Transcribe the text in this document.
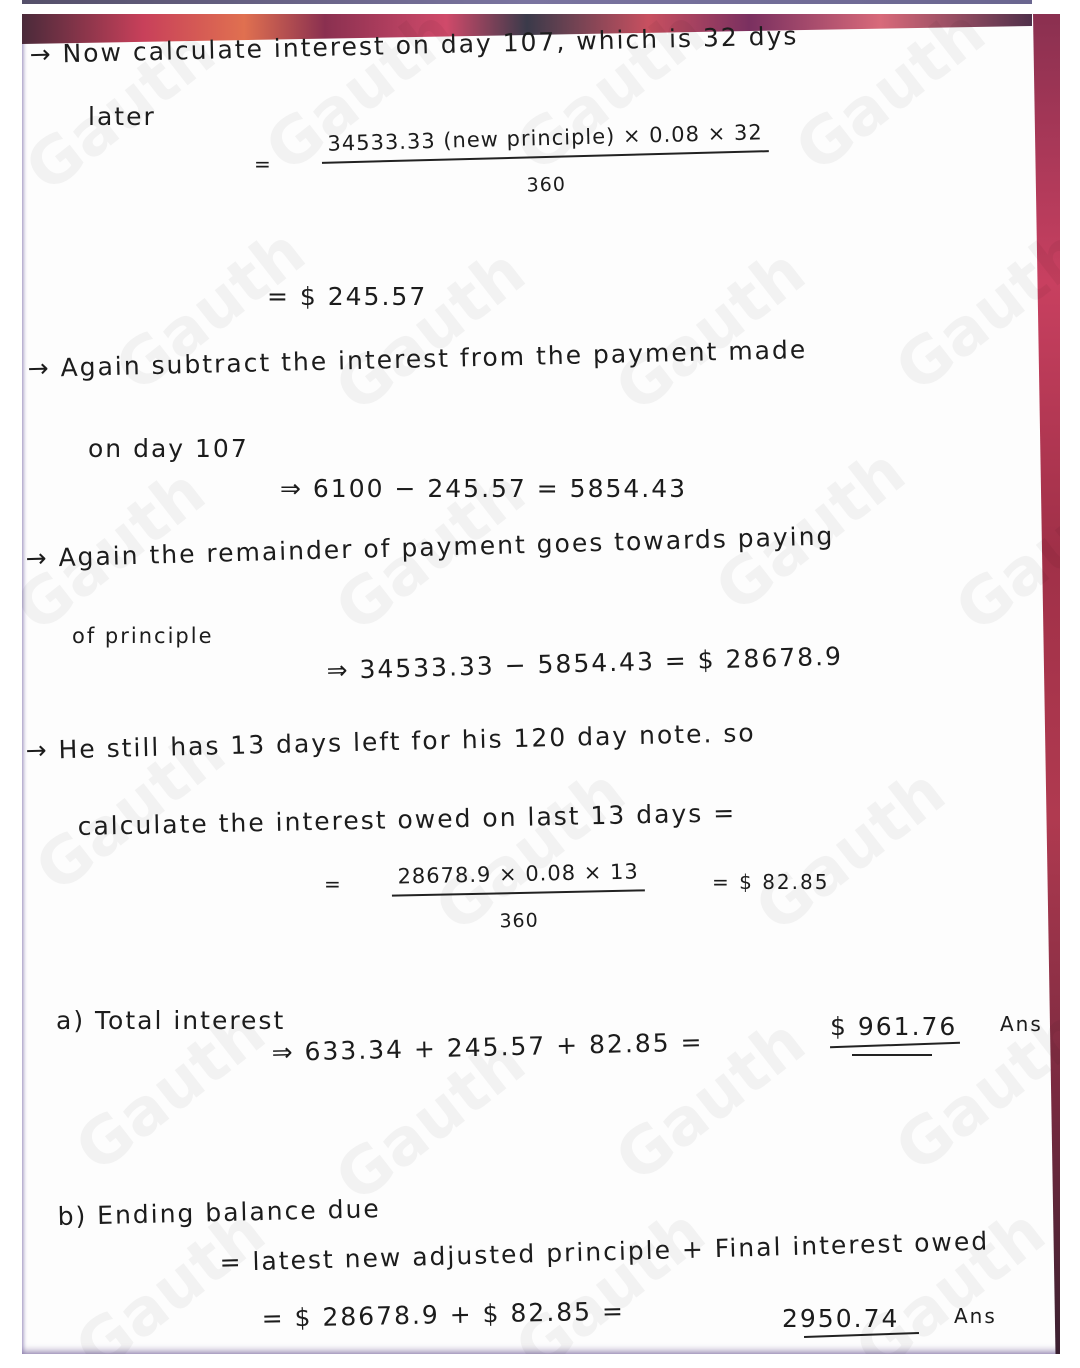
→ Now calculate interest on day 107, which is 32 dys
later
=
34533.33 (new principle) × 0.08 × 32
360
= $ 245.57
→ Again subtract the interest from the payment made
on day 107
⇒ 6100 − 245.57 = 5854.43
→ Again the remainder of payment goes towards paying
of principle
⇒ 34533.33 − 5854.43 = $ 28678.9
→ He still has 13 days left for his 120 day note. so
calculate the interest owed on last 13 days =
= $\frac{28678.9 \times 0.08 \times 13}{360}$	= $ 82.85
a) Total interest
⇒ 633.34 + 245.57 + 82.85 =
$ 961.76 Ans
b) Ending balance due
= latest new adjusted principle + Final interest owed
= $ 28678.9 + $ 82.85 =	2950.74	Ans
